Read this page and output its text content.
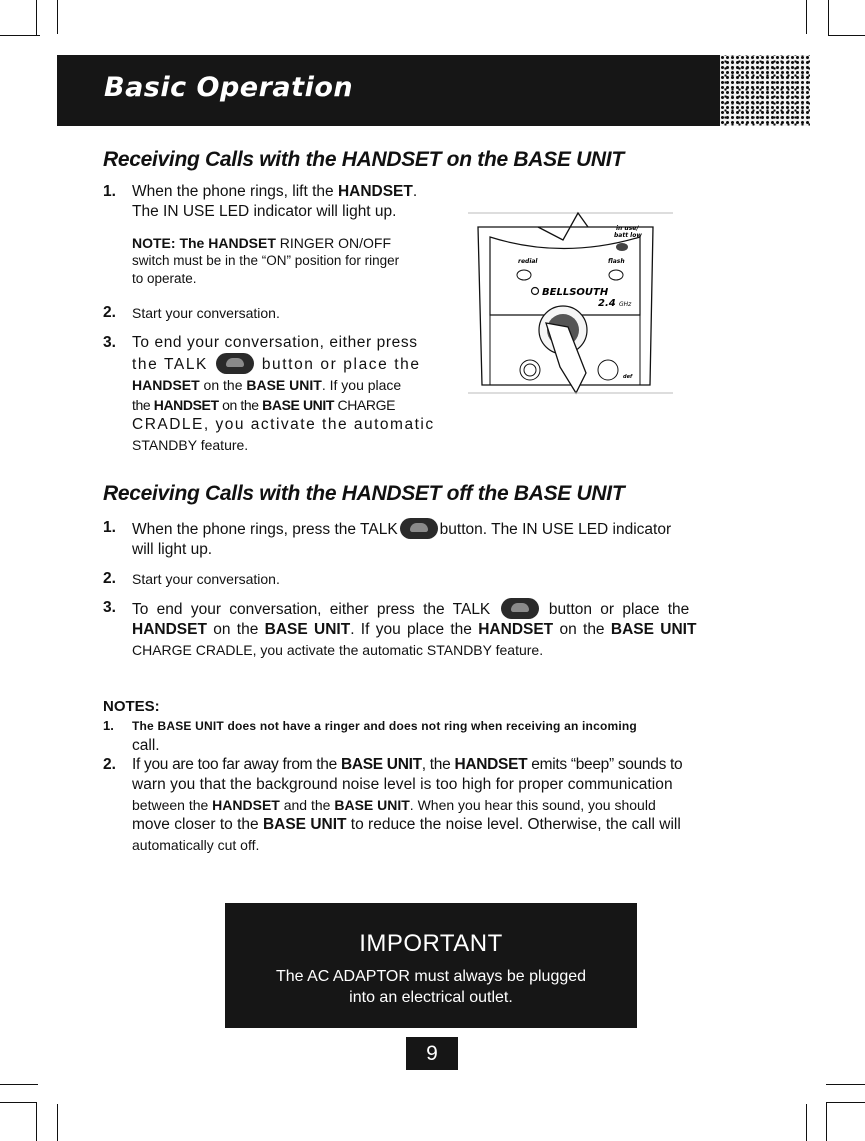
Basic Operation
Receiving Calls with the HANDSET on the BASE UNIT
1. When the phone rings, lift the HANDSET.
The IN USE LED indicator will light up.
NOTE: The HANDSET RINGER ON/OFF
switch must be in the “ON” position for ringer
to operate.
2. Start your conversation.
3. To end your conversation, either press
the TALK	button or place the
HANDSET on the BASE UNIT. If you place
the HANDSET on the BASE UNIT CHARGE
CRADLE, you activate the automatic
STANDBY feature.
in use/
batt low
redial	flash
BELLSOUTH
2.4 GHz
def
Receiving Calls with the HANDSET off the BASE UNIT
1. When the phone rings, press the TALK	button. The IN USE LED indicator
will light up.
2. Start your conversation.
3. To end your conversation, either press the TALK	button or place the
HANDSET on the BASE UNIT. If you place the HANDSET on the BASE UNIT
CHARGE CRADLE, you activate the automatic STANDBY feature.
NOTES:
1. The BASE UNIT does not have a ringer and does not ring when receiving an incoming
call.
2. If you are too far away from the BASE UNIT, the HANDSET emits “beep” sounds to
warn you that the background noise level is too high for proper communication
between the HANDSET and the BASE UNIT. When you hear this sound, you should
move closer to the BASE UNIT to reduce the noise level. Otherwise, the call will
automatically cut off.
IMPORTANT
The AC ADAPTOR must always be plugged
into an electrical outlet.
9
